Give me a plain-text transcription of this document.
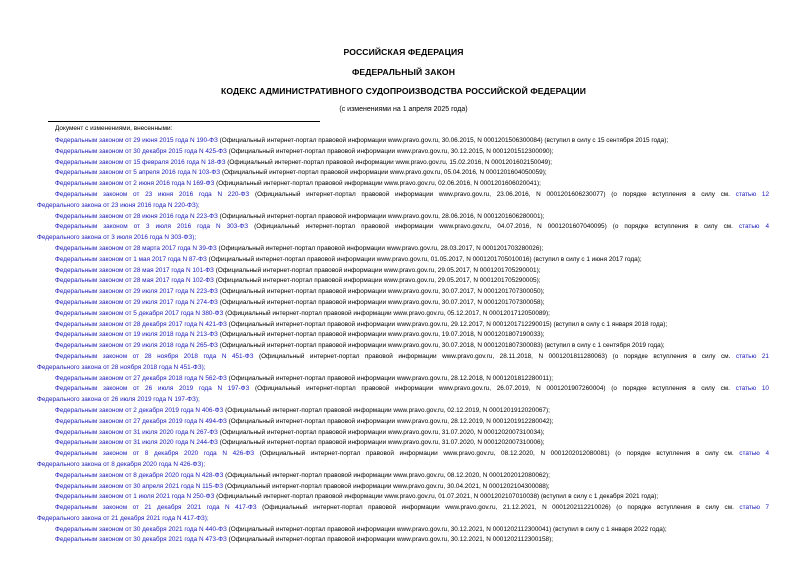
РОССИЙСКАЯ ФЕДЕРАЦИЯ
ФЕДЕРАЛЬНЫЙ ЗАКОН
КОДЕКС АДМИНИСТРАТИВНОГО СУДОПРОИЗВОДСТВА РОССИЙСКОЙ ФЕДЕРАЦИИ
(с изменениями на 1 апреля 2025 года)
Документ с изменениями, внесенными:
Федеральным законом от 29 июня 2015 года N 190-ФЗ (Официальный интернет-портал правовой информации www.pravo.gov.ru, 30.06.2015, N 0001201506300084) (вступил в силу с 15 сентября 2015 года);
Федеральным законом от 30 декабря 2015 года N 425-ФЗ (Официальный интернет-портал правовой информации www.pravo.gov.ru, 30.12.2015, N 0001201512300090);
Федеральным законом от 15 февраля 2016 года N 18-ФЗ (Официальный интернет-портал правовой информации www.pravo.gov.ru, 15.02.2016, N 0001201602150049);
Федеральным законом от 5 апреля 2016 года N 103-ФЗ (Официальный интернет-портал правовой информации www.pravo.gov.ru, 05.04.2016, N 0001201604050059);
Федеральным законом от 2 июня 2016 года N 169-ФЗ (Официальный интернет-портал правовой информации www.pravo.gov.ru, 02.06.2016, N 0001201606020041);
Федеральным законом от 23 июня 2016 года N 220-ФЗ (Официальный интернет-портал правовой информации www.pravo.gov.ru, 23.06.2016, N 0001201606230077) (о порядке вступления в силу см. статью 12
Федерального закона от 23 июня 2016 года N 220-ФЗ);
Федеральным законом от 28 июня 2016 года N 223-ФЗ (Официальный интернет-портал правовой информации www.pravo.gov.ru, 28.06.2016, N 0001201606280001);
Федеральным законом от 3 июля 2016 года N 303-ФЗ (Официальный интернет-портал правовой информации www.pravo.gov.ru, 04.07.2016, N 0001201607040095) (о порядке вступления в силу см. статью 4
Федерального закона от 3 июля 2016 года N 303-ФЗ);
Федеральным законом от 28 марта 2017 года N 39-ФЗ (Официальный интернет-портал правовой информации www.pravo.gov.ru, 28.03.2017, N 0001201703280026);
Федеральным законом от 1 мая 2017 года N 87-ФЗ (Официальный интернет-портал правовой информации www.pravo.gov.ru, 01.05.2017, N 0001201705010016) (вступил в силу с 1 июня 2017 года);
Федеральным законом от 28 мая 2017 года N 101-ФЗ (Официальный интернет-портал правовой информации www.pravo.gov.ru, 29.05.2017, N 0001201705290001);
Федеральным законом от 28 мая 2017 года N 102-ФЗ (Официальный интернет-портал правовой информации www.pravo.gov.ru, 29.05.2017, N 0001201705290005);
Федеральным законом от 29 июля 2017 года N 223-ФЗ (Официальный интернет-портал правовой информации www.pravo.gov.ru, 30.07.2017, N 0001201707300050);
Федеральным законом от 29 июля 2017 года N 274-ФЗ (Официальный интернет-портал правовой информации www.pravo.gov.ru, 30.07.2017, N 0001201707300058);
Федеральным законом от 5 декабря 2017 года N 380-ФЗ (Официальный интернет-портал правовой информации www.pravo.gov.ru, 05.12.2017, N 0001201712050089);
Федеральным законом от 28 декабря 2017 года N 421-ФЗ (Официальный интернет-портал правовой информации www.pravo.gov.ru, 29.12.2017, N 0001201712290015) (вступил в силу с 1 января 2018 года);
Федеральным законом от 19 июля 2018 года N 213-ФЗ (Официальный интернет-портал правовой информации www.pravo.gov.ru, 19.07.2018, N 0001201807190033);
Федеральным законом от 29 июля 2018 года N 265-ФЗ (Официальный интернет-портал правовой информации www.pravo.gov.ru, 30.07.2018, N 0001201807300083) (вступил в силу с 1 сентября 2019 года);
Федеральным законом от 28 ноября 2018 года N 451-ФЗ (Официальный интернет-портал правовой информации www.pravo.gov.ru, 28.11.2018, N 0001201811280063) (о порядке вступления в силу см. статью 21
Федерального закона от 28 ноября 2018 года N 451-ФЗ);
Федеральным законом от 27 декабря 2018 года N 562-ФЗ (Официальный интернет-портал правовой информации www.pravo.gov.ru, 28.12.2018, N 0001201812280011);
Федеральным законом от 26 июля 2019 года N 197-ФЗ (Официальный интернет-портал правовой информации www.pravo.gov.ru, 26.07.2019, N 0001201907260004) (о порядке вступления в силу см. статью 10
Федерального закона от 26 июля 2019 года N 197-ФЗ);
Федеральным законом от 2 декабря 2019 года N 406-ФЗ (Официальный интернет-портал правовой информации www.pravo.gov.ru, 02.12.2019, N 0001201912020067);
Федеральным законом от 27 декабря 2019 года N 494-ФЗ (Официальный интернет-портал правовой информации www.pravo.gov.ru, 28.12.2019, N 0001201912280042);
Федеральным законом от 31 июля 2020 года N 267-ФЗ (Официальный интернет-портал правовой информации www.pravo.gov.ru, 31.07.2020, N 0001202007310034);
Федеральным законом от 31 июля 2020 года N 244-ФЗ (Официальный интернет-портал правовой информации www.pravo.gov.ru, 31.07.2020, N 0001202007310006);
Федеральным законом от 8 декабря 2020 года N 426-ФЗ (Официальный интернет-портал правовой информации www.pravo.gov.ru, 08.12.2020, N 0001202012080081) (о порядке вступления в силу см. статью 4
Федерального закона от 8 декабря 2020 года N 426-ФЗ);
Федеральным законом от 8 декабря 2020 года N 428-ФЗ (Официальный интернет-портал правовой информации www.pravo.gov.ru, 08.12.2020, N 0001202012080062);
Федеральным законом от 30 апреля 2021 года N 115-ФЗ (Официальный интернет-портал правовой информации www.pravo.gov.ru, 30.04.2021, N 0001202104300088);
Федеральным законом от 1 июля 2021 года N 250-ФЗ (Официальный интернет-портал правовой информации www.pravo.gov.ru, 01.07.2021, N 0001202107010038) (вступил в силу с 1 декабря 2021 года);
Федеральным законом от 21 декабря 2021 года N 417-ФЗ (Официальный интернет-портал правовой информации www.pravo.gov.ru, 21.12.2021, N 0001202112210026) (о порядке вступления в силу см. статью 7
Федерального закона от 21 декабря 2021 года N 417-ФЗ);
Федеральным законом от 30 декабря 2021 года N 440-ФЗ (Официальный интернет-портал правовой информации www.pravo.gov.ru, 30.12.2021, N 0001202112300041) (вступил в силу с 1 января 2022 года);
Федеральным законом от 30 декабря 2021 года N 473-ФЗ (Официальный интернет-портал правовой информации www.pravo.gov.ru, 30.12.2021, N 0001202112300158);
